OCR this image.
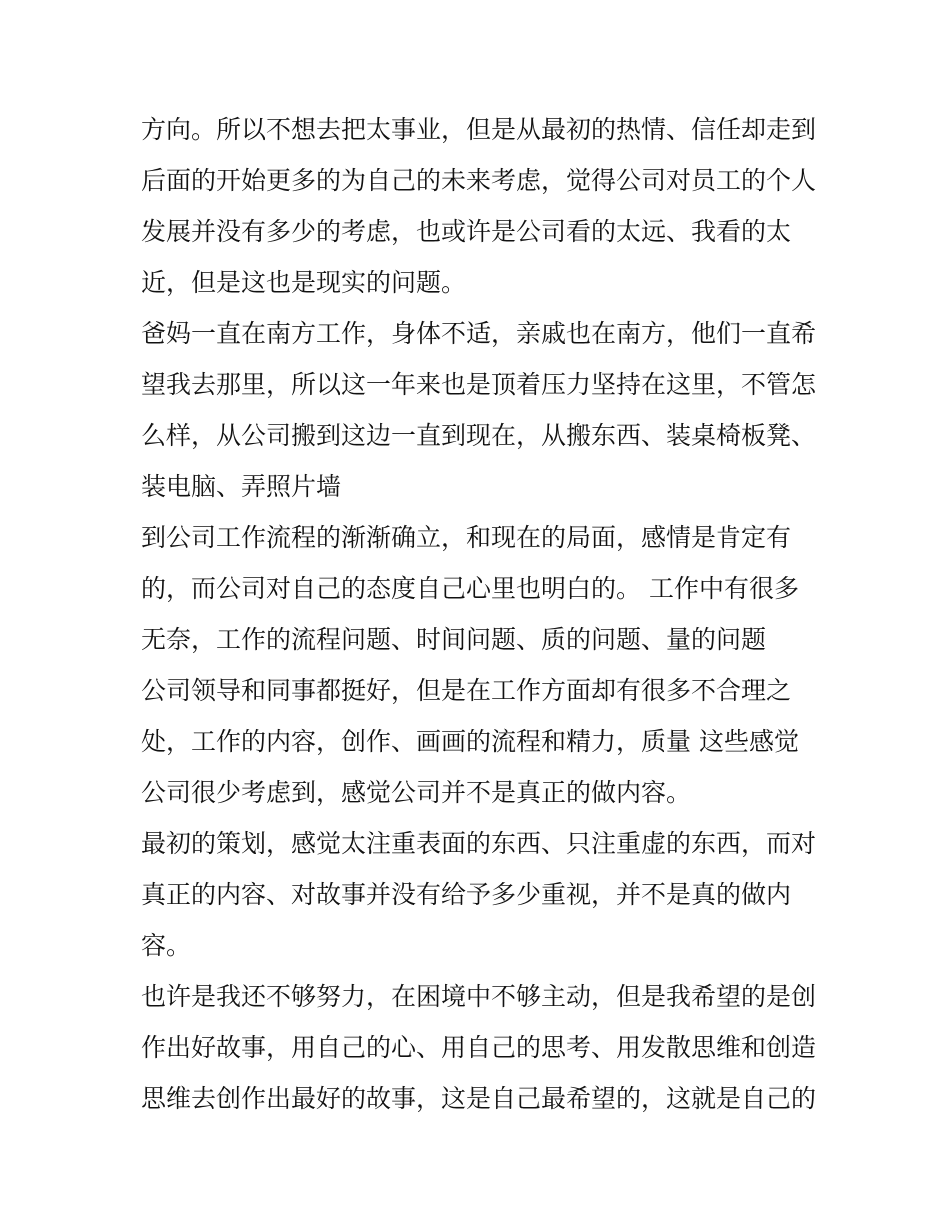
方向。所以不想去把太事业，但是从最初的热情、信任却走到
后面的开始更多的为自己的未来考虑，觉得公司对员工的个人
发展并没有多少的考虑，也或许是公司看的太远、我看的太
近，但是这也是现实的问题。
爸妈一直在南方工作，身体不适，亲戚也在南方，他们一直希
望我去那里，所以这一年来也是顶着压力坚持在这里，不管怎
么样，从公司搬到这边一直到现在，从搬东西、装桌椅板凳、
装电脑、弄照片墙
到公司工作流程的渐渐确立，和现在的局面，感情是肯定有
的，而公司对自己的态度自己心里也明白的。 工作中有很多
无奈，工作的流程问题、时间问题、质的问题、量的问题
公司领导和同事都挺好，但是在工作方面却有很多不合理之
处，工作的内容，创作、画画的流程和精力，质量 这些感觉
公司很少考虑到，感觉公司并不是真正的做内容。
最初的策划，感觉太注重表面的东西、只注重虚的东西，而对
真正的内容、对故事并没有给予多少重视，并不是真的做内
容。
也许是我还不够努力，在困境中不够主动，但是我希望的是创
作出好故事，用自己的心、用自己的思考、用发散思维和创造
思维去创作出最好的故事，这是自己最希望的，这就是自己的
